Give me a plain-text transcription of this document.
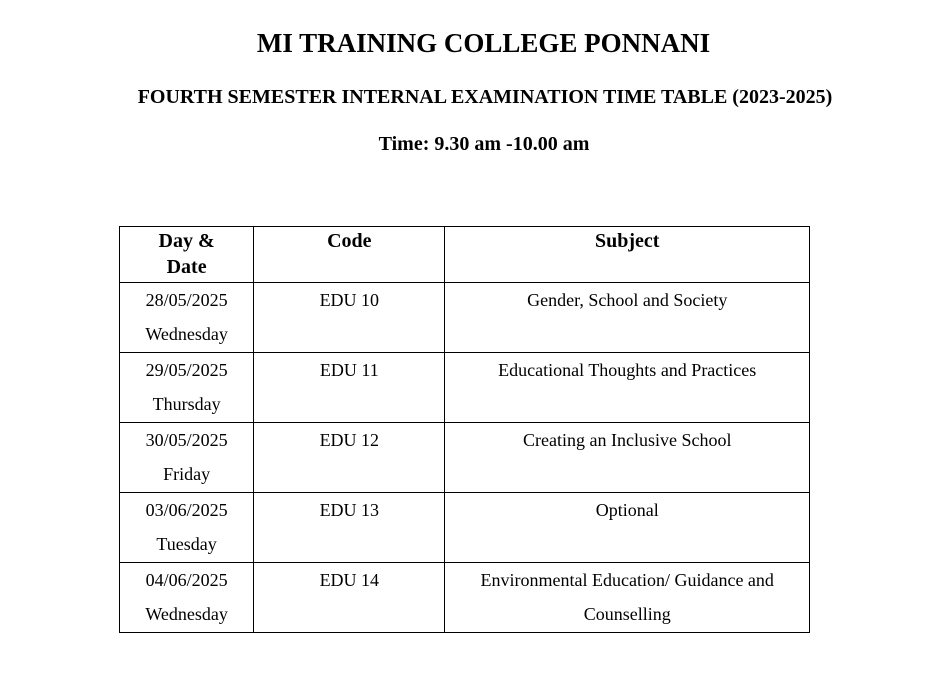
MI TRAINING COLLEGE PONNANI
FOURTH SEMESTER INTERNAL EXAMINATION TIME TABLE (2023-2025)
Time: 9.30 am -10.00 am
Day &
Date	Code	Subject

28/05/2025
Wednesday	EDU 10	Gender, School and Society

29/05/2025
Thursday	EDU 11	Educational Thoughts and Practices

30/05/2025
Friday	EDU 12	Creating an Inclusive School

03/06/2025
Tuesday	EDU 13	Optional

04/06/2025
Wednesday	EDU 14	Environmental Education/ Guidance and
Counselling
